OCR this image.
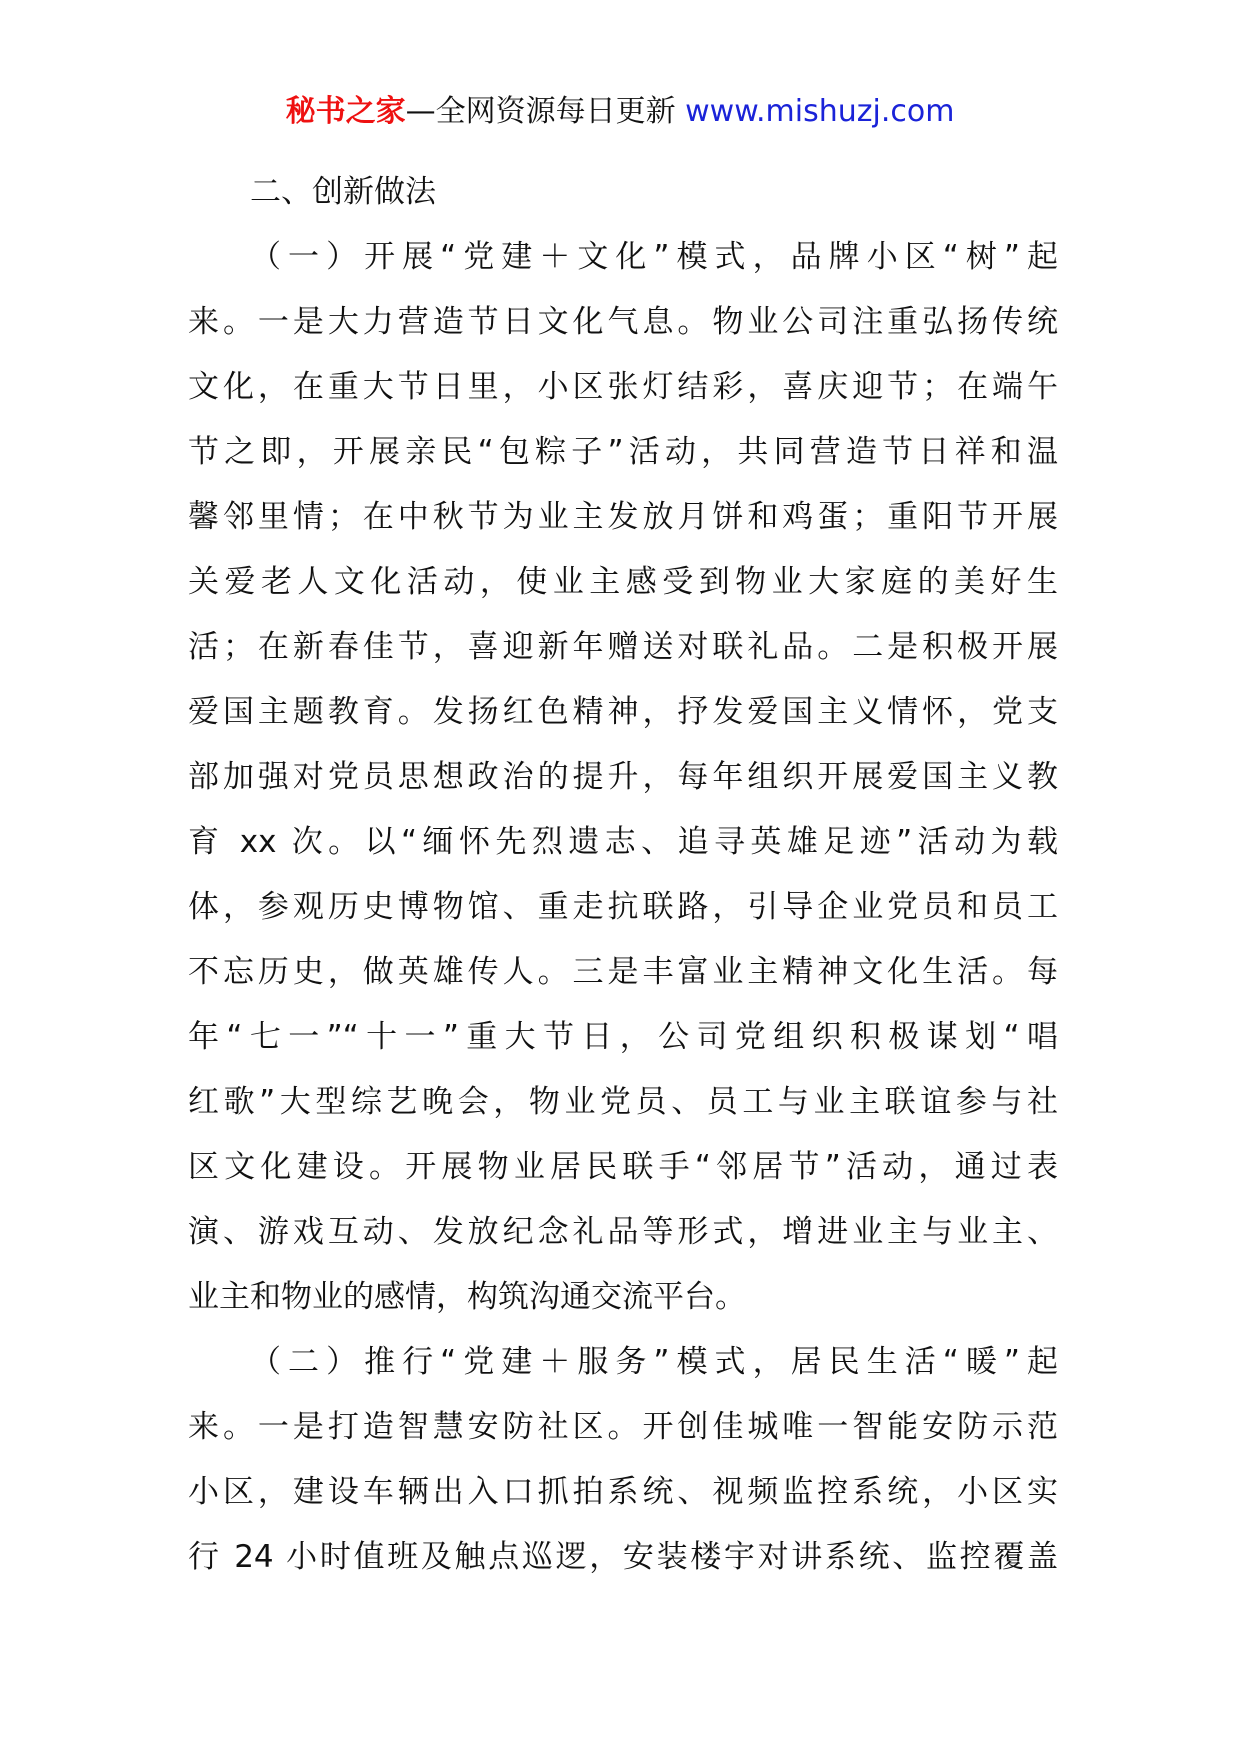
秘书之家—全网资源每日更新 www.mishuzj.com

二、创新做法

（一）开展“党建＋文化”模式，品牌小区“树”起
来。一是大力营造节日文化气息。物业公司注重弘扬传统
文化，在重大节日里，小区张灯结彩，喜庆迎节；在端午
节之即，开展亲民“包粽子”活动，共同营造节日祥和温
馨邻里情；在中秋节为业主发放月饼和鸡蛋；重阳节开展
关爱老人文化活动，使业主感受到物业大家庭的美好生
活；在新春佳节，喜迎新年赠送对联礼品。二是积极开展
爱国主题教育。发扬红色精神，抒发爱国主义情怀，党支
部加强对党员思想政治的提升，每年组织开展爱国主义教
育 xx 次。以“缅怀先烈遗志、追寻英雄足迹”活动为载
体，参观历史博物馆、重走抗联路，引导企业党员和员工
不忘历史，做英雄传人。三是丰富业主精神文化生活。每
年“七一”“十一”重大节日，公司党组织积极谋划“唱
红歌”大型综艺晚会，物业党员、员工与业主联谊参与社
区文化建设。开展物业居民联手“邻居节”活动，通过表
演、游戏互动、发放纪念礼品等形式，增进业主与业主、
业主和物业的感情，构筑沟通交流平台。

（二）推行“党建＋服务”模式，居民生活“暖”起
来。一是打造智慧安防社区。开创佳城唯一智能安防示范
小区，建设车辆出入口抓拍系统、视频监控系统，小区实
行 24 小时值班及触点巡逻，安装楼宇对讲系统、监控覆盖
